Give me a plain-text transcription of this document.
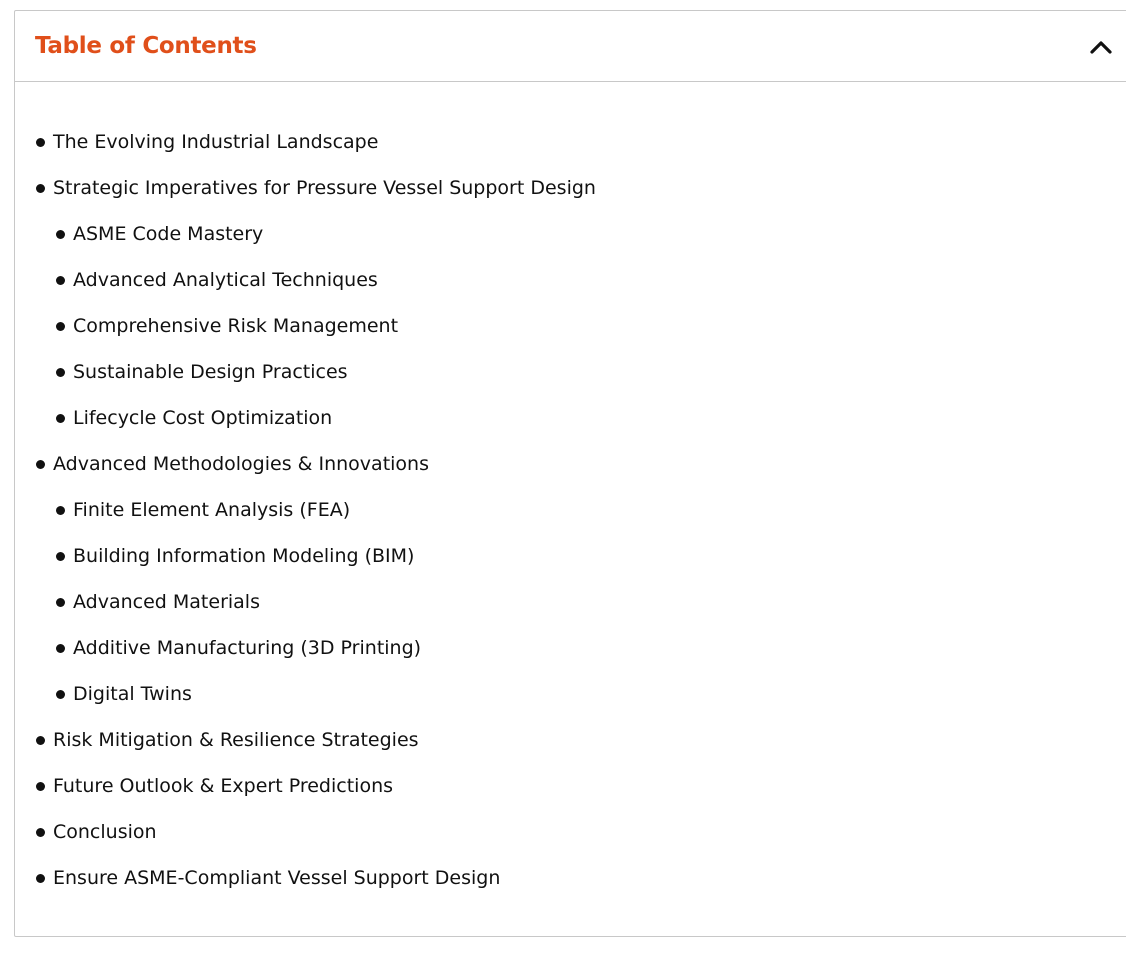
Table of Contents
The Evolving Industrial Landscape
Strategic Imperatives for Pressure Vessel Support Design
ASME Code Mastery
Advanced Analytical Techniques
Comprehensive Risk Management
Sustainable Design Practices
Lifecycle Cost Optimization
Advanced Methodologies & Innovations
Finite Element Analysis (FEA)
Building Information Modeling (BIM)
Advanced Materials
Additive Manufacturing (3D Printing)
Digital Twins
Risk Mitigation & Resilience Strategies
Future Outlook & Expert Predictions
Conclusion
Ensure ASME-Compliant Vessel Support Design
